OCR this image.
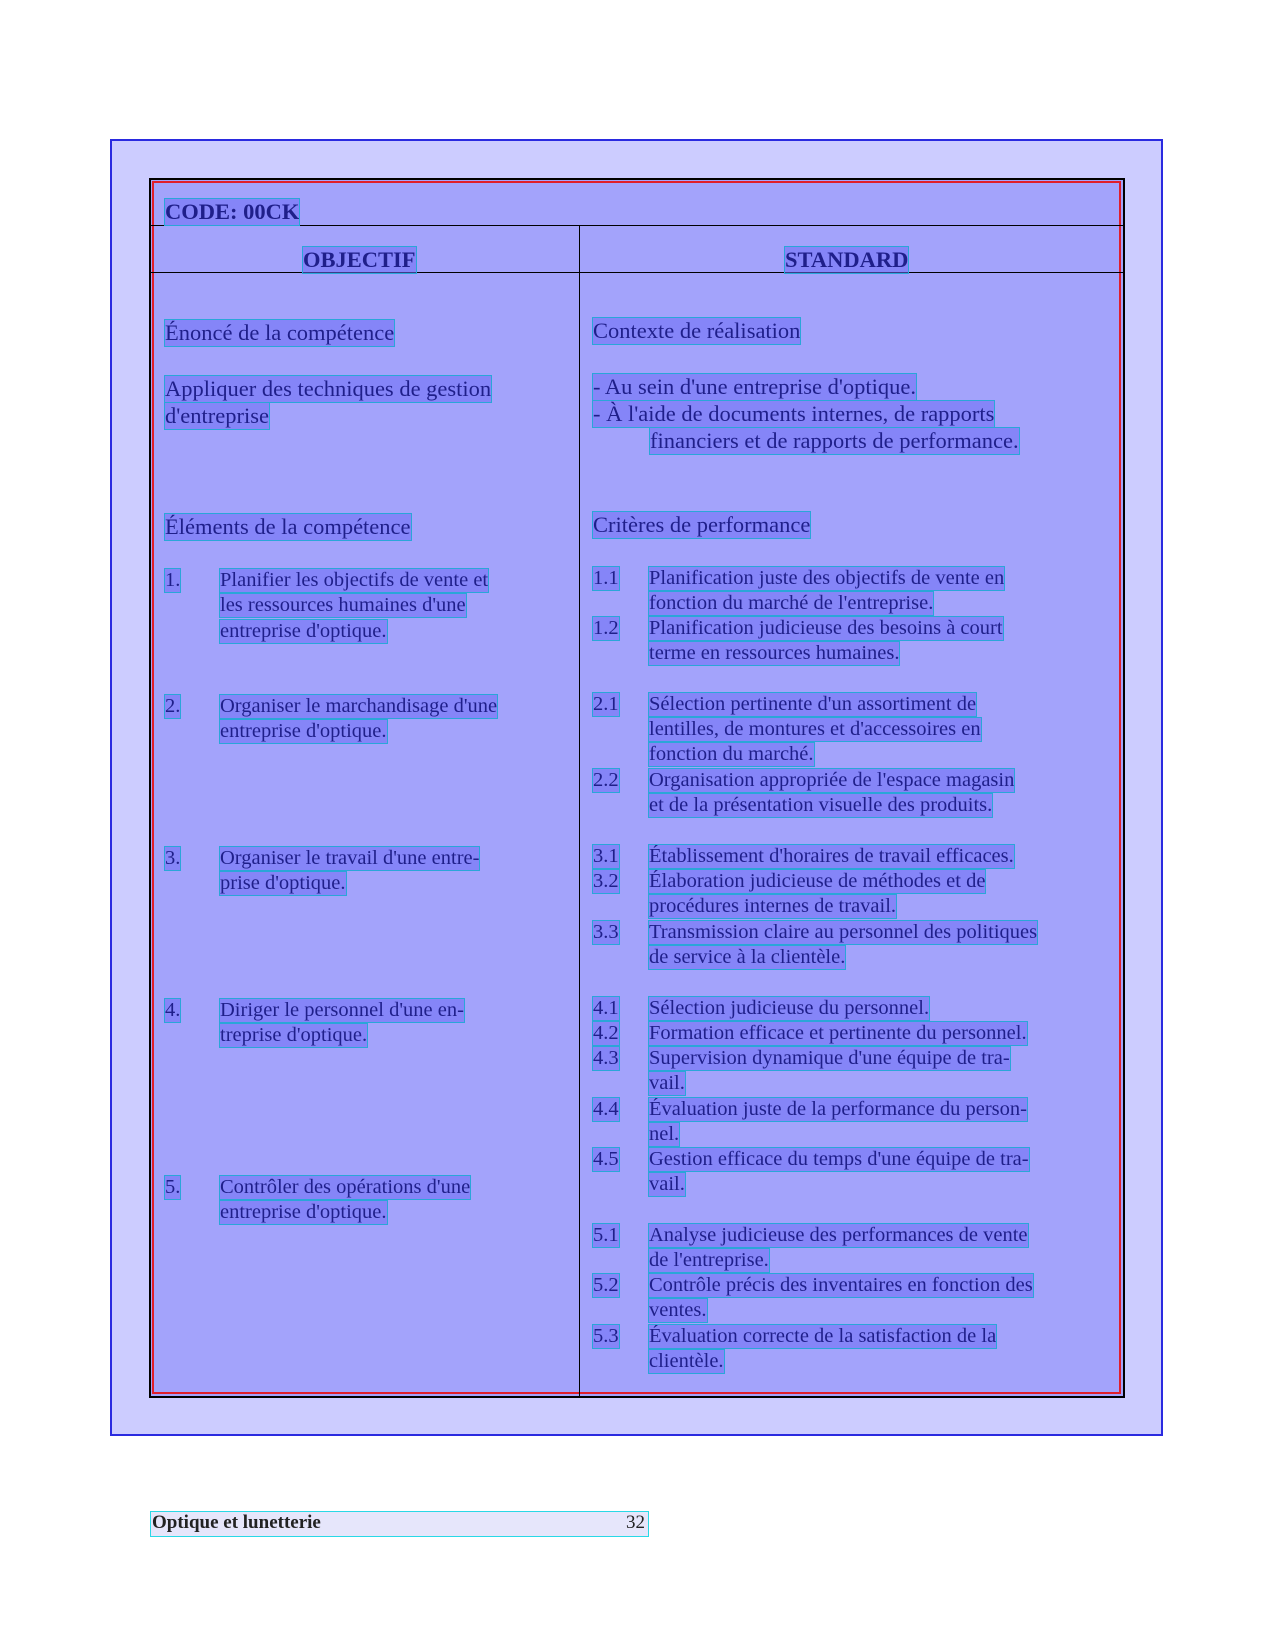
CODE: 00CK
OBJECTIF	STANDARD
Énoncé de la compétence
Appliquer des techniques de gestion
d'entreprise
Éléments de la compétence
1. Planifier les objectifs de vente et
les ressources humaines d'une
entreprise d'optique.
2. Organiser le marchandisage d'une
entreprise d'optique.
3. Organiser le travail d'une entre-
prise d'optique.
4. Diriger le personnel d'une en-
treprise d'optique.
5. Contrôler des opérations d'une
entreprise d'optique.
Contexte de réalisation
- Au sein d'une entreprise d'optique.
- À l'aide de documents internes, de rapports
financiers et de rapports de performance.
Critères de performance
1.1 Planification juste des objectifs de vente en
fonction du marché de l'entreprise.
1.2 Planification judicieuse des besoins à court
terme en ressources humaines.
2.1 Sélection pertinente d'un assortiment de
lentilles, de montures et d'accessoires en
fonction du marché.
2.2 Organisation appropriée de l'espace magasin
et de la présentation visuelle des produits.
3.1 Établissement d'horaires de travail efficaces.
3.2 Élaboration judicieuse de méthodes et de
procédures internes de travail.
3.3 Transmission claire au personnel des politiques
de service à la clientèle.
4.1 Sélection judicieuse du personnel.
4.2 Formation efficace et pertinente du personnel.
4.3 Supervision dynamique d'une équipe de tra-
vail.
4.4 Évaluation juste de la performance du person-
nel.
4.5 Gestion efficace du temps d'une équipe de tra-
vail.
5.1 Analyse judicieuse des performances de vente
de l'entreprise.
5.2 Contrôle précis des inventaires en fonction des
ventes.
5.3 Évaluation correcte de la satisfaction de la
clientèle.
Optique et lunetterie	32
